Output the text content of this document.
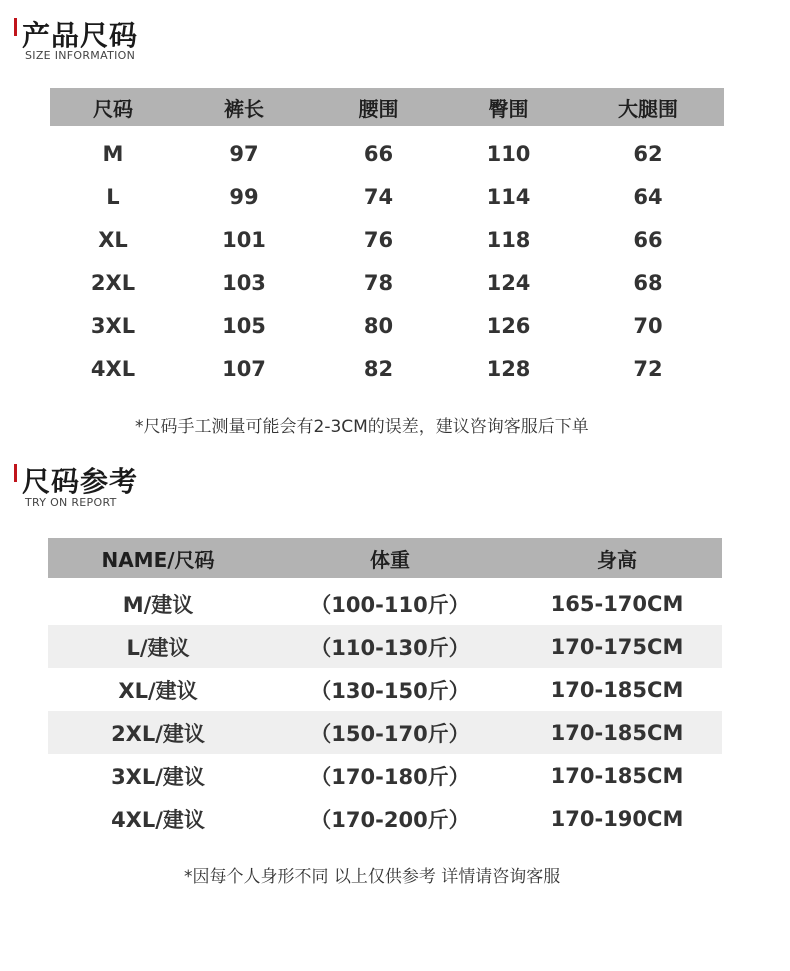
产品尺码
SIZE INFORMATION
尺码	裤长	腰围	臀围	大腿围

M	97	66	110	62
L	99	74	114	64
XL	101	76	118	66
2XL	103	78	124	68
3XL	105	80	126	70
4XL	107	82	128	72
*尺码手工测量可能会有2-3CM的误差，建议咨询客服后下单
尺码参考
TRY ON REPORT
NAME/尺码	体重	身高

M/建议	（100-110斤）	165-170CM
L/建议	（110-130斤）	170-175CM
XL/建议	（130-150斤）	170-185CM
2XL/建议	（150-170斤）	170-185CM
3XL/建议	（170-180斤）	170-185CM
4XL/建议	（170-200斤）	170-190CM
*因每个人身形不同 以上仅供参考 详情请咨询客服
